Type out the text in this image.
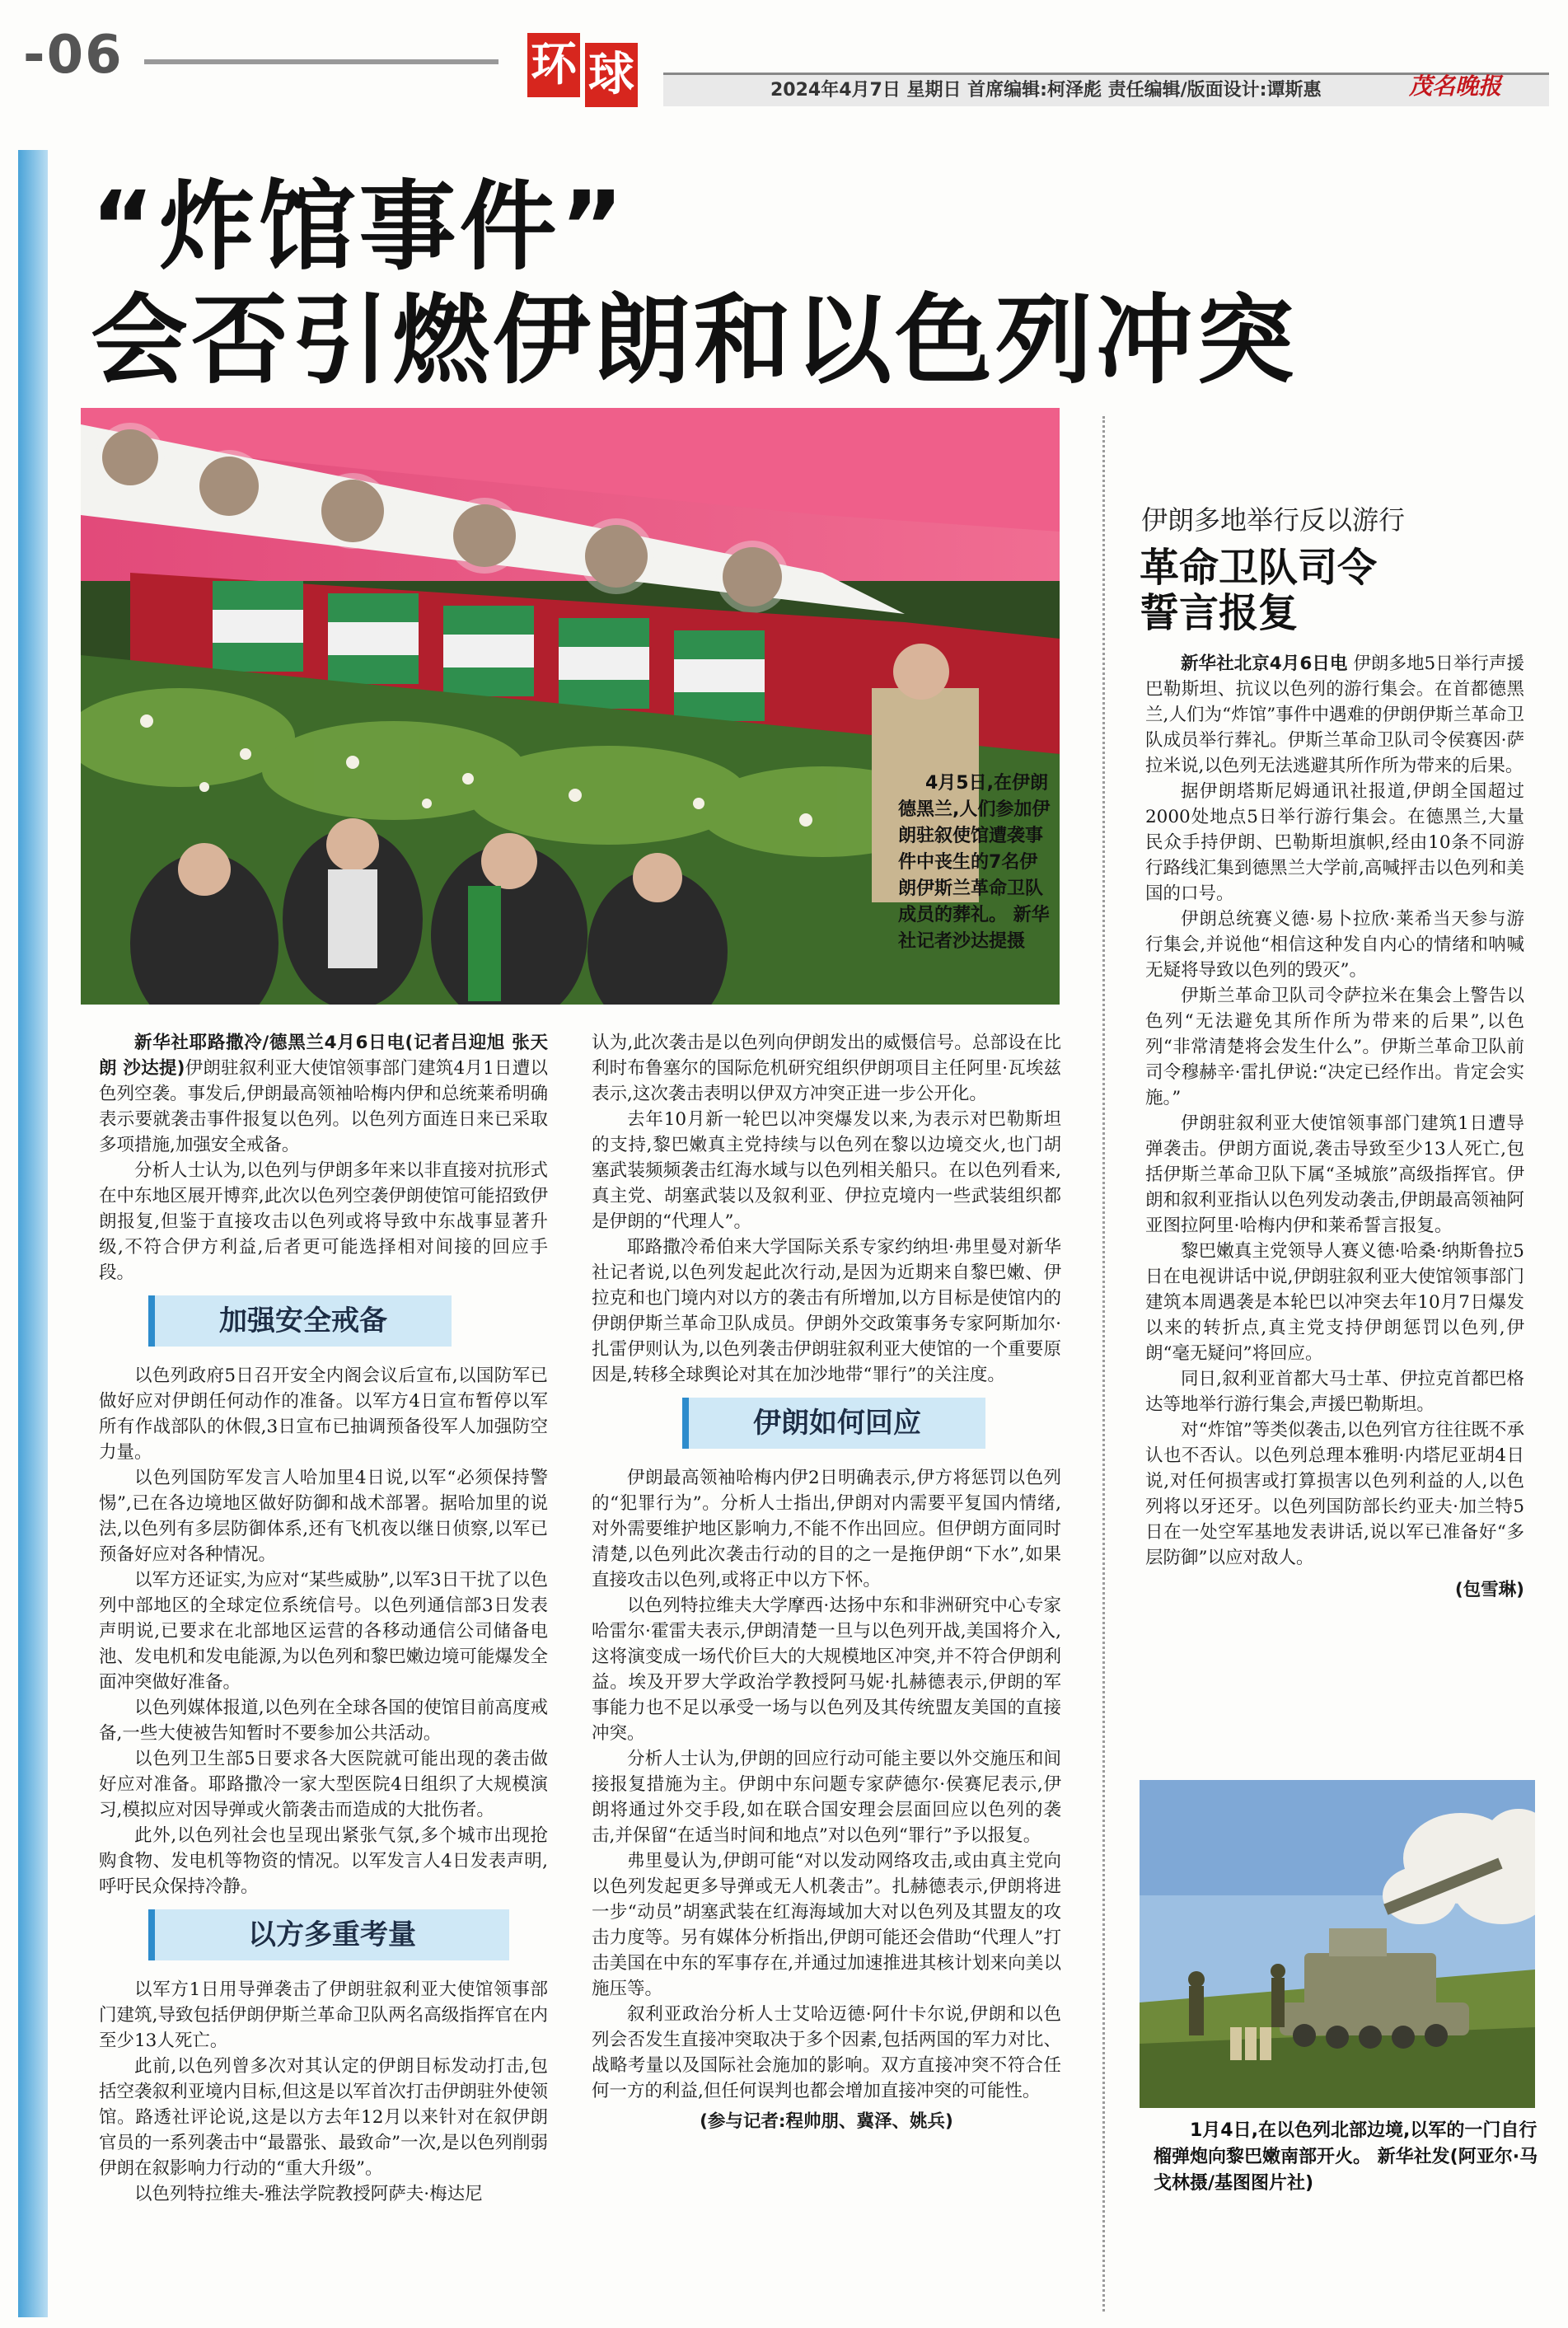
-06	环 球	2024年4月7日 星期日 首席编辑:柯泽彪 责任编辑/版面设计:谭斯惠	茂名晚报
“炸馆事件”
会否引燃伊朗和以色列冲突
4月5日,在伊朗德黑兰,人们参加伊朗驻叙使馆遭袭事件中丧生的7名伊朗伊斯兰革命卫队成员的葬礼。 新华社记者沙达提摄

新华社耶路撒冷/德黑兰4月6日电(记者吕迎旭 张天朗 沙达提)伊朗驻叙利亚大使馆领事部门建筑4月1日遭以色列空袭。事发后,伊朗最高领袖哈梅内伊和总统莱希明确表示要就袭击事件报复以色列。以色列方面连日来已采取多项措施,加强安全戒备。

分析人士认为,以色列与伊朗多年来以非直接对抗形式在中东地区展开博弈,此次以色列空袭伊朗使馆可能招致伊朗报复,但鉴于直接攻击以色列或将导致中东战事显著升级,不符合伊方利益,后者更可能选择相对间接的回应手段。

加强安全戒备

以色列政府5日召开安全内阁会议后宣布,以国防军已做好应对伊朗任何动作的准备。以军方4日宣布暂停以军所有作战部队的休假,3日宣布已抽调预备役军人加强防空力量。

以色列国防军发言人哈加里4日说,以军“必须保持警惕”,已在各边境地区做好防御和战术部署。据哈加里的说法,以色列有多层防御体系,还有飞机夜以继日侦察,以军已预备好应对各种情况。

以军方还证实,为应对“某些威胁”,以军3日干扰了以色列中部地区的全球定位系统信号。以色列通信部3日发表声明说,已要求在北部地区运营的各移动通信公司储备电池、发电机和发电能源,为以色列和黎巴嫩边境可能爆发全面冲突做好准备。

以色列媒体报道,以色列在全球各国的使馆目前高度戒备,一些大使被告知暂时不要参加公共活动。

以色列卫生部5日要求各大医院就可能出现的袭击做好应对准备。耶路撒冷一家大型医院4日组织了大规模演习,模拟应对因导弹或火箭袭击而造成的大批伤者。

此外,以色列社会也呈现出紧张气氛,多个城市出现抢购食物、发电机等物资的情况。以军发言人4日发表声明,呼吁民众保持冷静。

以方多重考量

以军方1日用导弹袭击了伊朗驻叙利亚大使馆领事部门建筑,导致包括伊朗伊斯兰革命卫队两名高级指挥官在内至少13人死亡。

此前,以色列曾多次对其认定的伊朗目标发动打击,包括空袭叙利亚境内目标,但这是以军首次打击伊朗驻外使领馆。路透社评论说,这是以方去年12月以来针对在叙伊朗官员的一系列袭击中“最嚣张、最致命”一次,是以色列削弱伊朗在叙影响力行动的“重大升级”。

以色列特拉维夫-雅法学院教授阿萨夫·梅达尼

认为,此次袭击是以色列向伊朗发出的威慑信号。总部设在比利时布鲁塞尔的国际危机研究组织伊朗项目主任阿里·瓦埃兹表示,这次袭击表明以伊双方冲突正进一步公开化。

去年10月新一轮巴以冲突爆发以来,为表示对巴勒斯坦的支持,黎巴嫩真主党持续与以色列在黎以边境交火,也门胡塞武装频频袭击红海水域与以色列相关船只。在以色列看来,真主党、胡塞武装以及叙利亚、伊拉克境内一些武装组织都是伊朗的“代理人”。

耶路撒冷希伯来大学国际关系专家约纳坦·弗里曼对新华社记者说,以色列发起此次行动,是因为近期来自黎巴嫩、伊拉克和也门境内对以方的袭击有所增加,以方目标是使馆内的伊朗伊斯兰革命卫队成员。伊朗外交政策事务专家阿斯加尔·扎雷伊则认为,以色列袭击伊朗驻叙利亚大使馆的一个重要原因是,转移全球舆论对其在加沙地带“罪行”的关注度。

伊朗如何回应

伊朗最高领袖哈梅内伊2日明确表示,伊方将惩罚以色列的“犯罪行为”。分析人士指出,伊朗对内需要平复国内情绪,对外需要维护地区影响力,不能不作出回应。但伊朗方面同时清楚,以色列此次袭击行动的目的之一是拖伊朗“下水”,如果直接攻击以色列,或将正中以方下怀。

以色列特拉维夫大学摩西·达扬中东和非洲研究中心专家哈雷尔·霍雷夫表示,伊朗清楚一旦与以色列开战,美国将介入,这将演变成一场代价巨大的大规模地区冲突,并不符合伊朗利益。埃及开罗大学政治学教授阿马妮·扎赫德表示,伊朗的军事能力也不足以承受一场与以色列及其传统盟友美国的直接冲突。

分析人士认为,伊朗的回应行动可能主要以外交施压和间接报复措施为主。伊朗中东问题专家萨德尔·侯赛尼表示,伊朗将通过外交手段,如在联合国安理会层面回应以色列的袭击,并保留“在适当时间和地点”对以色列“罪行”予以报复。

弗里曼认为,伊朗可能“对以发动网络攻击,或由真主党向以色列发起更多导弹或无人机袭击”。扎赫德表示,伊朗将进一步“动员”胡塞武装在红海海域加大对以色列及其盟友的攻击力度等。另有媒体分析指出,伊朗可能还会借助“代理人”打击美国在中东的军事存在,并通过加速推进其核计划来向美以施压等。

叙利亚政治分析人士艾哈迈德·阿什卡尔说,伊朗和以色列会否发生直接冲突取决于多个因素,包括两国的军力对比、战略考量以及国际社会施加的影响。双方直接冲突不符合任何一方的利益,但任何误判也都会增加直接冲突的可能性。

(参与记者:程帅朋、冀泽、姚兵)
伊朗多地举行反以游行
革命卫队司令
誓言报复

新华社北京4月6日电 伊朗多地5日举行声援巴勒斯坦、抗议以色列的游行集会。在首都德黑兰,人们为“炸馆”事件中遇难的伊朗伊斯兰革命卫队成员举行葬礼。伊斯兰革命卫队司令侯赛因·萨拉米说,以色列无法逃避其所作所为带来的后果。

据伊朗塔斯尼姆通讯社报道,伊朗全国超过2000处地点5日举行游行集会。在德黑兰,大量民众手持伊朗、巴勒斯坦旗帜,经由10条不同游行路线汇集到德黑兰大学前,高喊抨击以色列和美国的口号。

伊朗总统赛义德·易卜拉欣·莱希当天参与游行集会,并说他“相信这种发自内心的情绪和呐喊无疑将导致以色列的毁灭”。

伊斯兰革命卫队司令萨拉米在集会上警告以色列“无法避免其所作所为带来的后果”,以色列“非常清楚将会发生什么”。伊斯兰革命卫队前司令穆赫辛·雷扎伊说:“决定已经作出。肯定会实施。”

伊朗驻叙利亚大使馆领事部门建筑1日遭导弹袭击。伊朗方面说,袭击导致至少13人死亡,包括伊斯兰革命卫队下属“圣城旅”高级指挥官。伊朗和叙利亚指认以色列发动袭击,伊朗最高领袖阿亚图拉阿里·哈梅内伊和莱希誓言报复。

黎巴嫩真主党领导人赛义德·哈桑·纳斯鲁拉5日在电视讲话中说,伊朗驻叙利亚大使馆领事部门建筑本周遇袭是本轮巴以冲突去年10月7日爆发以来的转折点,真主党支持伊朗惩罚以色列,伊朗“毫无疑问”将回应。

同日,叙利亚首都大马士革、伊拉克首都巴格达等地举行游行集会,声援巴勒斯坦。

对“炸馆”等类似袭击,以色列官方往往既不承认也不否认。以色列总理本雅明·内塔尼亚胡4日说,对任何损害或打算损害以色列利益的人,以色列将以牙还牙。以色列国防部长约亚夫·加兰特5日在一处空军基地发表讲话,说以军已准备好“多层防御”以应对敌人。

(包雪琳)
1月4日,在以色列北部边境,以军的一门自行榴弹炮向黎巴嫩南部开火。 新华社发(阿亚尔·马戈林摄/基图图片社)
